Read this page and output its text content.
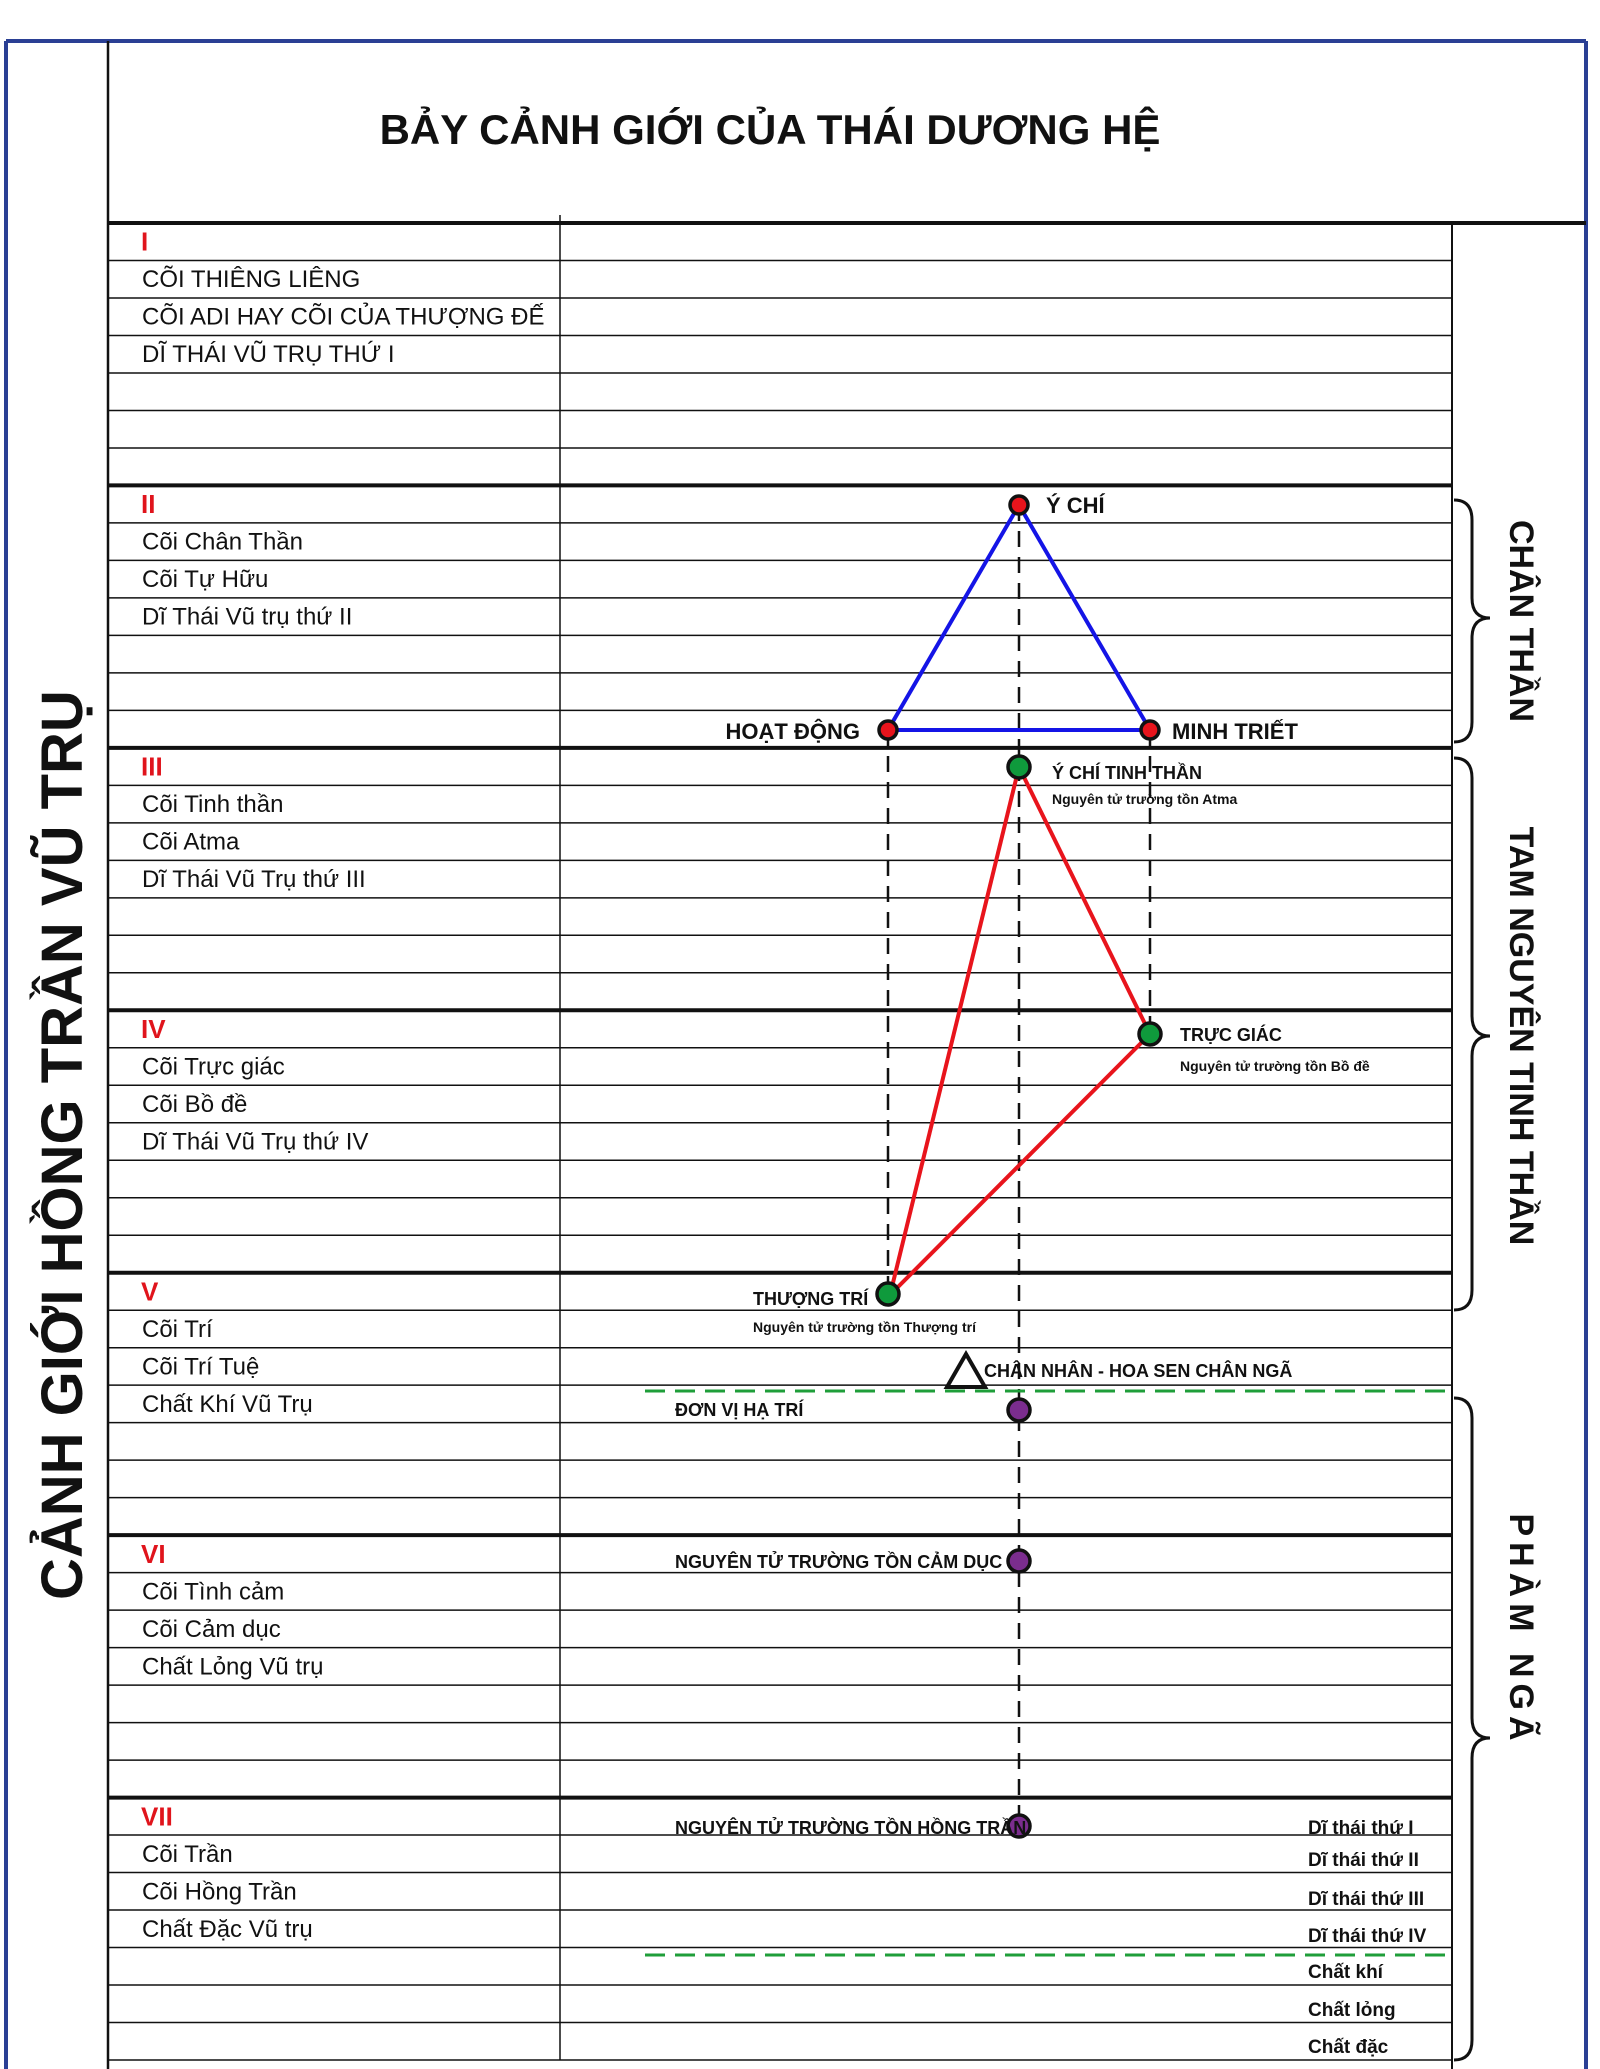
BẢY CẢNH GIỚI CỦA THÁI DƯƠNG HỆ
CẢNH GIỚI HỒNG TRẦN VŨ TRỤ
I
CÕI THIÊNG LIÊNG
CÕI ADI HAY CÕI CỦA THƯỢNG ĐẾ
DĨ THÁI VŨ TRỤ THỨ I
II
Cõi Chân Thần
Cõi Tự Hữu
Dĩ Thái Vũ trụ thứ II
III
Cõi Tinh thần
Cõi Atma
Dĩ Thái Vũ Trụ thứ III
IV
Cõi Trực giác
Cõi Bồ đề
Dĩ Thái Vũ Trụ thứ IV
V
Cõi Trí
Cõi Trí Tuệ
Chất Khí Vũ Trụ
VI
Cõi Tình cảm
Cõi Cảm dục
Chất Lỏng Vũ trụ
VII
Cõi Trần
Cõi Hồng Trần
Chất Đặc Vũ trụ
CHÂN THẦN
TAM NGUYÊN TINH THẦN
PHÀM NGÃ
Ý CHÍ
HOẠT ĐỘNG	MINH TRIẾT
Ý CHÍ TINH THẦN
Nguyên tử trường tồn Atma
TRỰC GIÁC
Nguyên tử trường tồn Bồ đề
THƯỢNG TRÍ
Nguyên tử trường tồn Thượng trí
CHÂN NHÂN - HOA SEN CHÂN NGÃ
ĐƠN VỊ HẠ TRÍ
NGUYÊN TỬ TRƯỜNG TỒN CẢM DỤC
NGUYÊN TỬ TRƯỜNG TỒN HỒNG TRẦN	Dĩ thái thứ I
Dĩ thái thứ II
Dĩ thái thứ III
Dĩ thái thứ IV
Chất khí
Chất lỏng
Chất đặc
